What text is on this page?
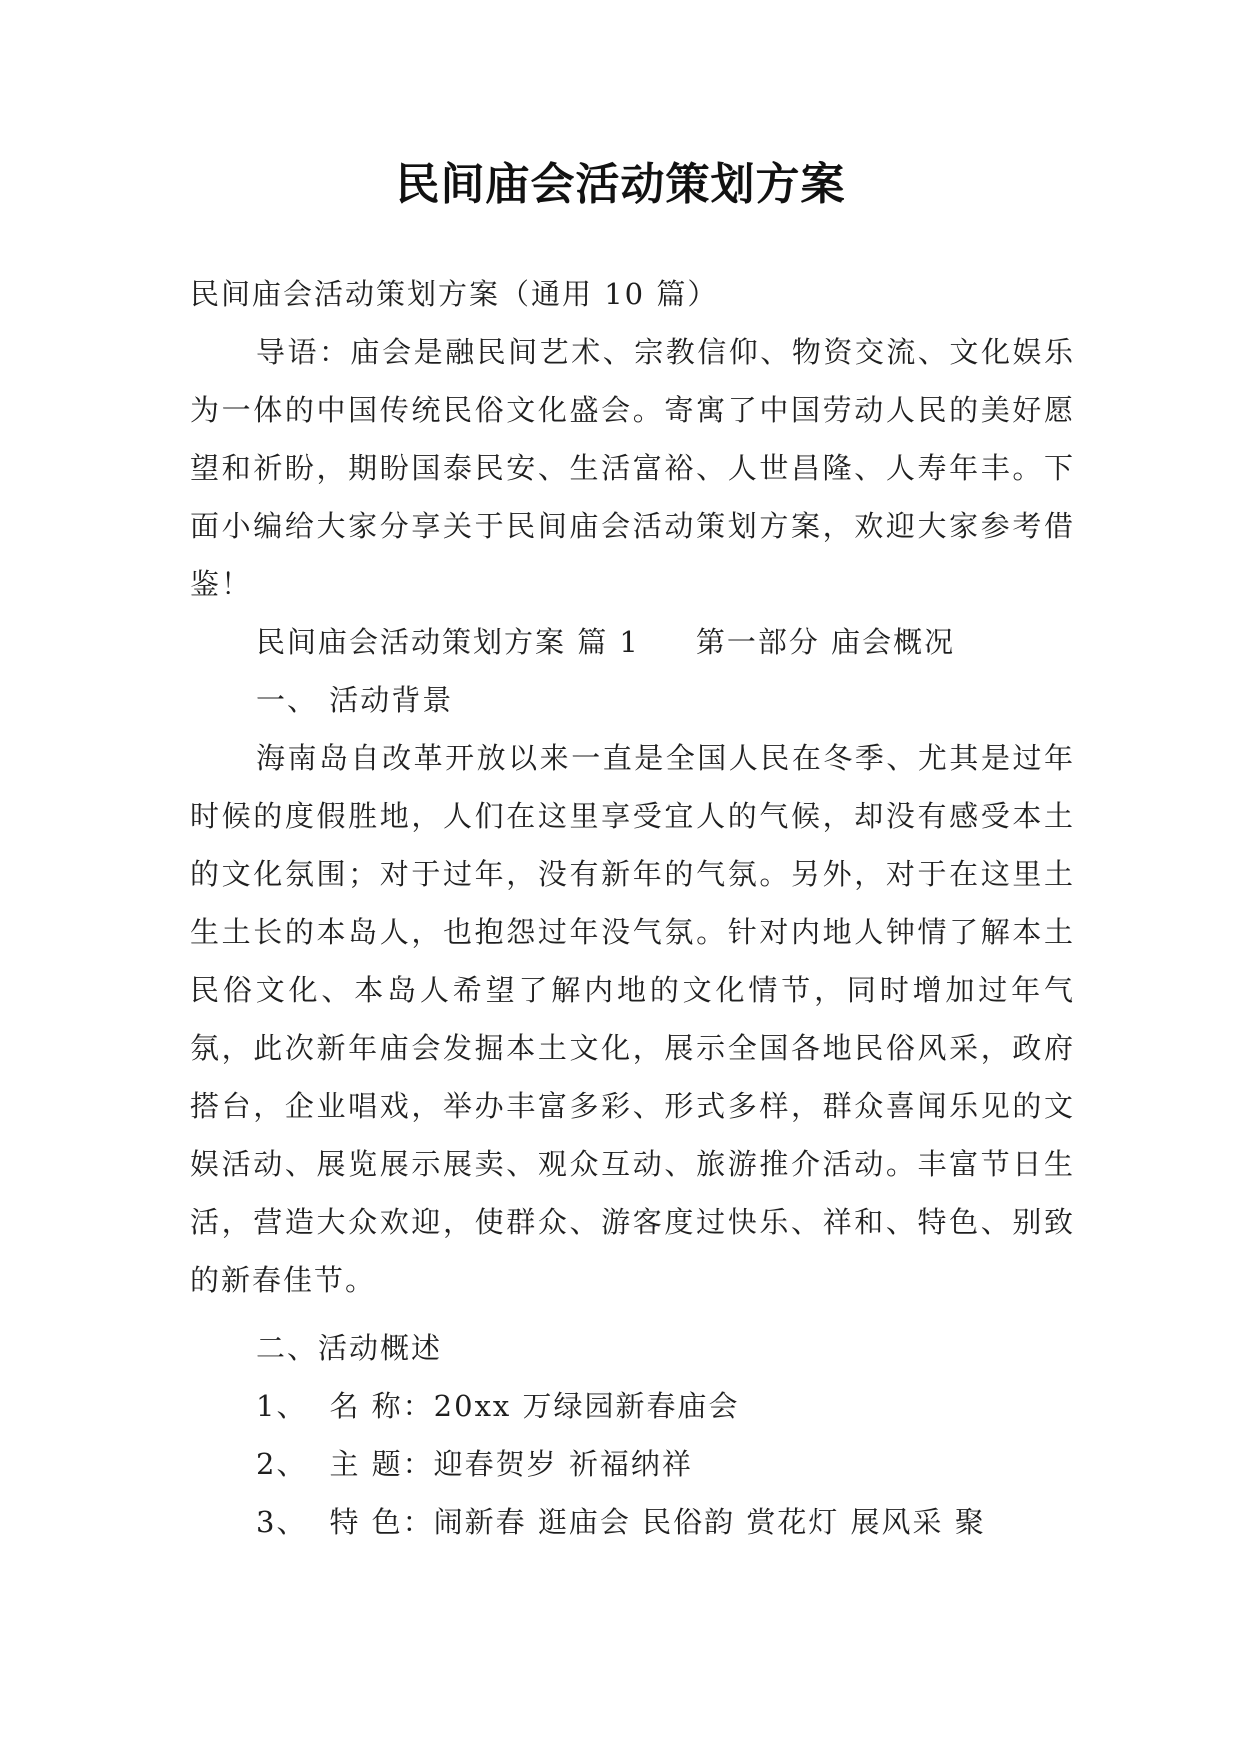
民间庙会活动策划方案

民间庙会活动策划方案（通用 10 篇）

导语：庙会是融民间艺术、宗教信仰、物资交流、文化娱乐为一体的中国传统民俗文化盛会。寄寓了中国劳动人民的美好愿望和祈盼，期盼国泰民安、生活富裕、人世昌隆、人寿年丰。下面小编给大家分享关于民间庙会活动策划方案，欢迎大家参考借鉴！

民间庙会活动策划方案 篇 1 第一部分 庙会概况

一、 活动背景

海南岛自改革开放以来一直是全国人民在冬季、尤其是过年时候的度假胜地，人们在这里享受宜人的气候，却没有感受本土的文化氛围；对于过年，没有新年的气氛。另外，对于在这里土生土长的本岛人，也抱怨过年没气氛。针对内地人钟情了解本土民俗文化、本岛人希望了解内地的文化情节，同时增加过年气氛，此次新年庙会发掘本土文化，展示全国各地民俗风采，政府搭台，企业唱戏，举办丰富多彩、形式多样，群众喜闻乐见的文娱活动、展览展示展卖、观众互动、旅游推介活动。丰富节日生活，营造大众欢迎，使群众、游客度过快乐、祥和、特色、别致的新春佳节。

二、活动概述

1、 名 称：20xx 万绿园新春庙会

2、 主 题：迎春贺岁 祈福纳祥

3、 特 色：闹新春 逛庙会 民俗韵 赏花灯 展风采 聚
